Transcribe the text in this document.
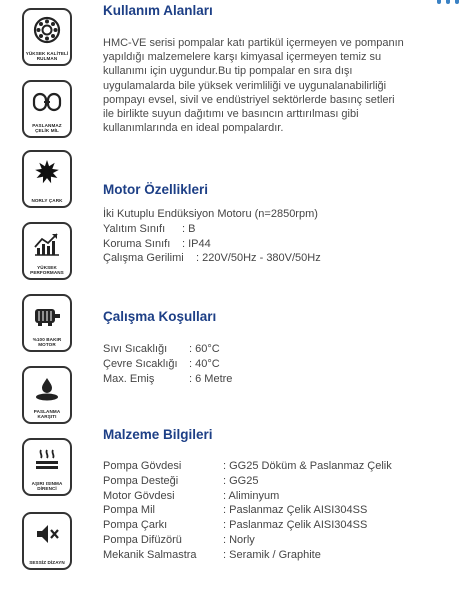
YÜKSEK KALİTELİ RULMAN
PASLANMAZ ÇELİK MİL
NORLY ÇARK
YÜKSEK PERFORMANS
%100 BAKIR MOTOR
PASLANMA KARŞITI
AŞIRI ISINMA DİRENCİ
SESSİZ DİZAYN
Kullanım Alanları

HMC-VE serisi pompalar katı partikül içermeyen ve pompanın

yapıldığı malzemelere karşı kimyasal içermeyen temiz su

kullanımı için uygundur.Bu tip pompalar en sıra dışı

uygulamalarda bile yüksek verimliliği ve uygunalanabilirliği

pompayı evsel, sivil ve endüstriyel sektörlerde basınç setleri

ile birlikte suyun dağıtımı ve basıncın arttırılması gibi

kullanımlarında en ideal pompalardır.

Motor Özellikleri
İki Kutuplu Endüksiyon Motoru (n=2850rpm)
Yalıtım Sınıfı	: B
Koruma Sınıfı	: IP44
Çalışma Gerilimi	: 220V/50Hz - 380V/50Hz
Çalışma Koşulları
Sıvı Sıcaklığı	: 60°C
Çevre Sıcaklığı	: 40°C
Max. Emiş	: 6 Metre
Malzeme Bilgileri
Pompa Gövdesi	: GG25 Döküm & Paslanmaz Çelik
Pompa Desteği	: GG25
Motor Gövdesi	: Aliminyum
Pompa Mil	: Paslanmaz Çelik AISI304SS
Pompa Çarkı	: Paslanmaz Çelik AISI304SS
Pompa Difüzörü	: Norly
Mekanik Salmastra	: Seramik / Graphite
